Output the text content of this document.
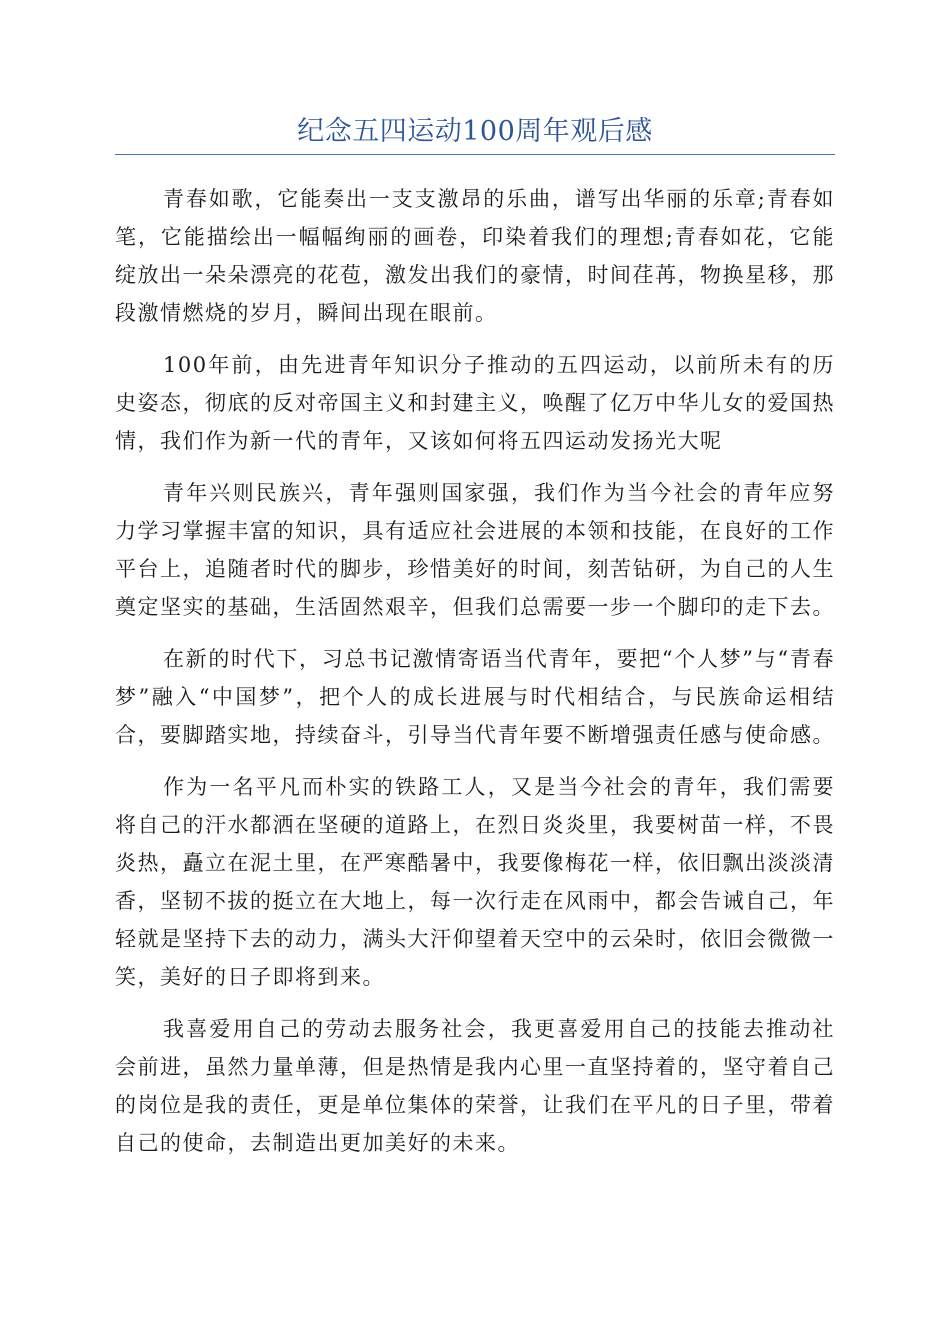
纪念五四运动100周年观后感

青春如歌，它能奏出一支支激昂的乐曲，谱写出华丽的乐章;青春如笔，它能描绘出一幅幅绚丽的画卷，印染着我们的理想;青春如花，它能绽放出一朵朵漂亮的花苞，激发出我们的豪情，时间荏苒，物换星移，那段激情燃烧的岁月，瞬间出现在眼前。

100年前，由先进青年知识分子推动的五四运动，以前所未有的历史姿态，彻底的反对帝国主义和封建主义，唤醒了亿万中华儿女的爱国热情，我们作为新一代的青年，又该如何将五四运动发扬光大呢

青年兴则民族兴，青年强则国家强，我们作为当今社会的青年应努力学习掌握丰富的知识，具有适应社会进展的本领和技能，在良好的工作平台上，追随者时代的脚步，珍惜美好的时间，刻苦钻研，为自己的人生奠定坚实的基础，生活固然艰辛，但我们总需要一步一个脚印的走下去。

在新的时代下，习总书记激情寄语当代青年，要把“个人梦”与“青春梦”融入“中国梦”，把个人的成长进展与时代相结合，与民族命运相结合，要脚踏实地，持续奋斗，引导当代青年要不断增强责任感与使命感。

作为一名平凡而朴实的铁路工人，又是当今社会的青年，我们需要将自己的汗水都洒在坚硬的道路上，在烈日炎炎里，我要树苗一样，不畏炎热，矗立在泥土里，在严寒酷暑中，我要像梅花一样，依旧飘出淡淡清香，坚韧不拔的挺立在大地上，每一次行走在风雨中，都会告诫自己，年轻就是坚持下去的动力，满头大汗仰望着天空中的云朵时，依旧会微微一笑，美好的日子即将到来。

我喜爱用自己的劳动去服务社会，我更喜爱用自己的技能去推动社会前进，虽然力量单薄，但是热情是我内心里一直坚持着的，坚守着自己的岗位是我的责任，更是单位集体的荣誉，让我们在平凡的日子里，带着自己的使命，去制造出更加美好的未来。
